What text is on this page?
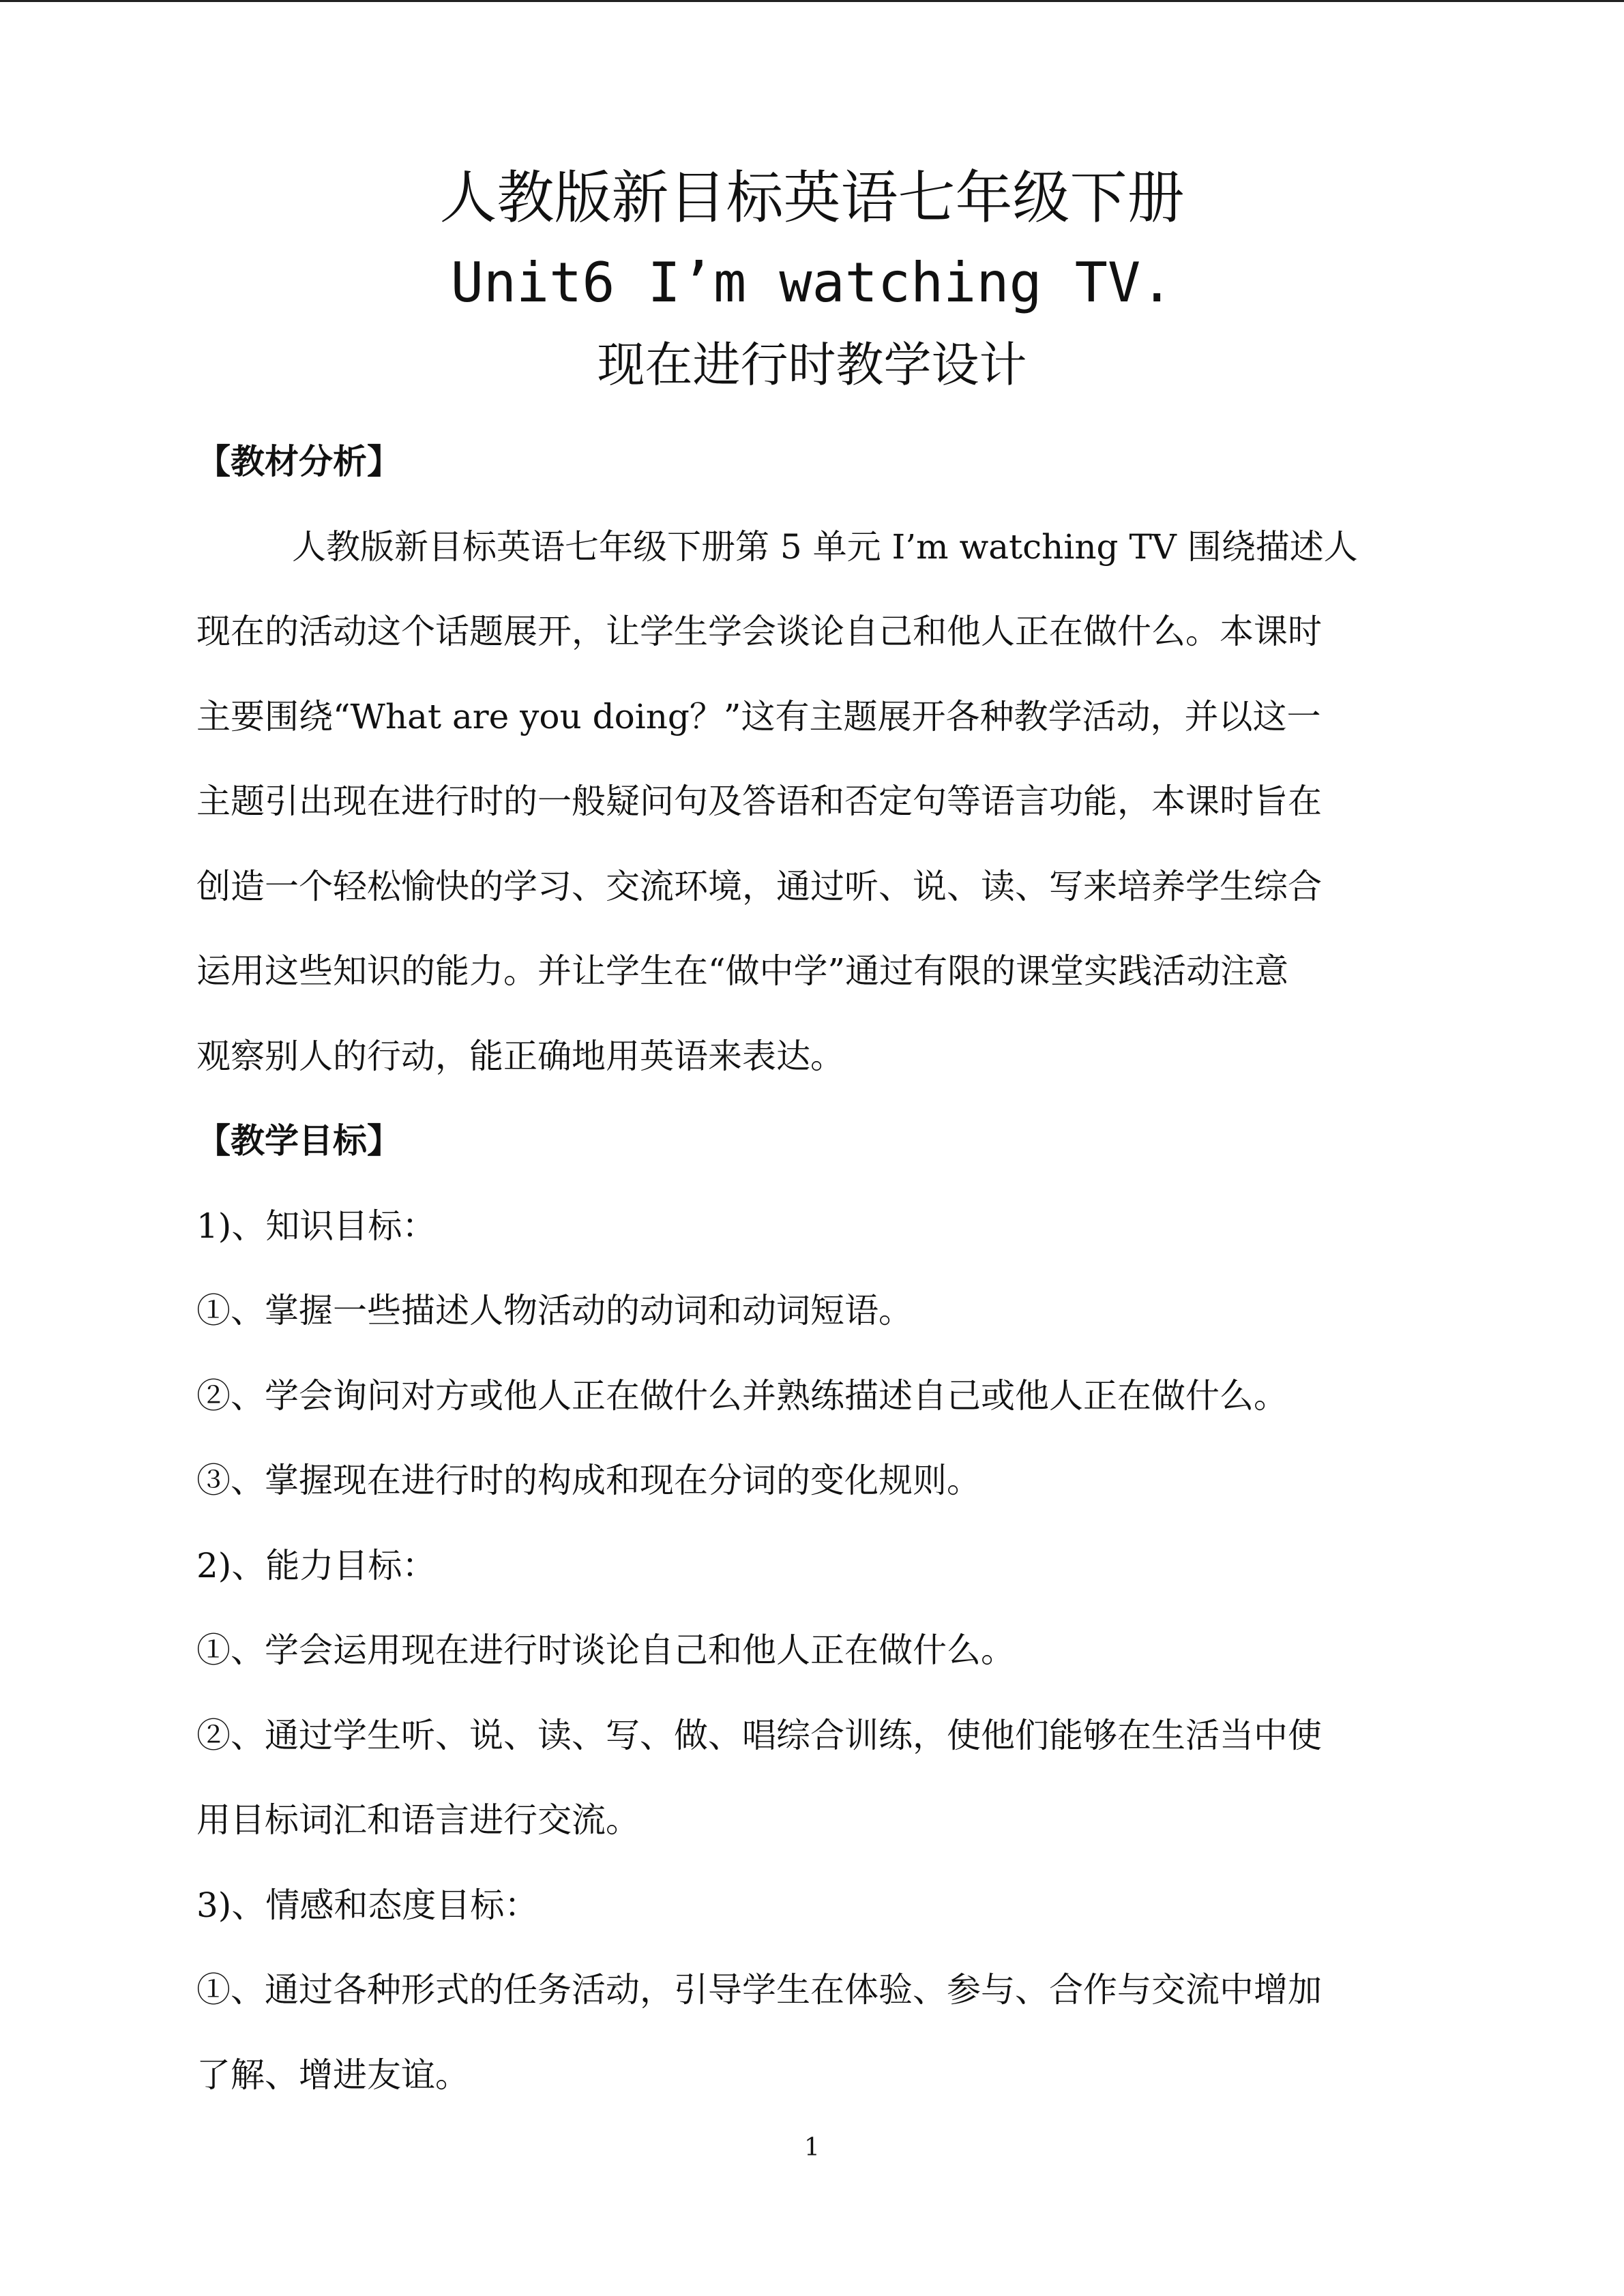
人教版新目标英语七年级下册
Unit6 I’m watching TV.
现在进行时教学设计
【教材分析】
人教版新目标英语七年级下册第 5 单元 I’m watching TV 围绕描述人
现在的活动这个话题展开，让学生学会谈论自己和他人正在做什么。本课时
主要围绕“What are you doing？”这有主题展开各种教学活动，并以这一
主题引出现在进行时的一般疑问句及答语和否定句等语言功能，本课时旨在
创造一个轻松愉快的学习、交流环境，通过听、说、读、写来培养学生综合
运用这些知识的能力。并让学生在“做中学”通过有限的课堂实践活动注意
观察别人的行动，能正确地用英语来表达。
【教学目标】
1)、知识目标：
①、掌握一些描述人物活动的动词和动词短语。
②、学会询问对方或他人正在做什么并熟练描述自己或他人正在做什么。
③、掌握现在进行时的构成和现在分词的变化规则。
2)、能力目标：
①、学会运用现在进行时谈论自己和他人正在做什么。
②、通过学生听、说、读、写、做、唱综合训练，使他们能够在生活当中使
用目标词汇和语言进行交流。
3)、情感和态度目标：
①、通过各种形式的任务活动，引导学生在体验、参与、合作与交流中增加
了解、增进友谊。
1
